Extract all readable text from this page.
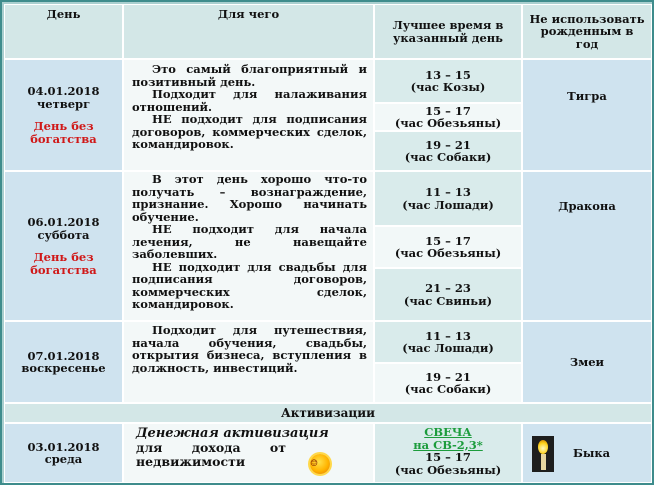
День	Для чего
Лучшее время в указанный день
Не использовать рожденным в год
04.01.2018
четверг
День без богатства

Это самый благоприятный и позитивный день.

Подходит для налаживания отношений.

НЕ подходит для подписания договоров, коммерческих сделок, командировок.

13 – 15
(час Козы)
15 – 17
(час Обезьяны)
19 – 21
(час Собаки)
Тигра
06.01.2018
суббота
День без богатства

В этот день хорошо что-то получать – вознаграждение, признание. Хорошо начинать обучение.

НЕ подходит для начала лечения, не навещайте заболевших.

НЕ подходит для свадьбы для подписания договоров, коммерческих сделок, командировок.

11 – 13
(час Лошади)
15 – 17
(час Обезьяны)
21 – 23
(час Свиньи)
Дракона
07.01.2018
воскресенье

Подходит для путешествия, начала обучения, свадьбы, открытия бизнеса, вступления в должность, инвестиций.

11 – 13
(час Лошади)
19 – 21
(час Собаки)
Змеи
Активизации
03.01.2018
среда
Денежная активизация
для дохода от недвижимости	☺
СВЕЧА
на СВ-2,3*
15 – 17
(час Обезьяны)
Быка
